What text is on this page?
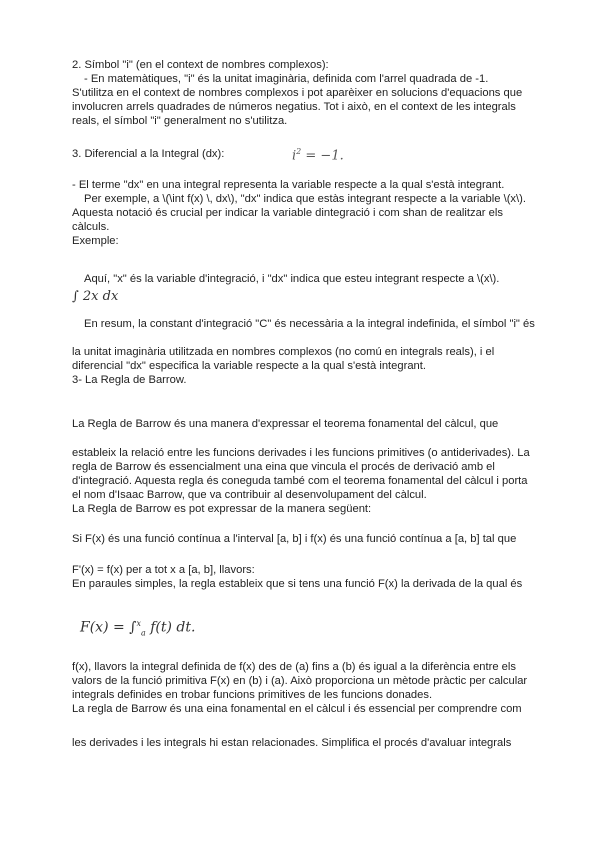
2. Símbol "i" (en el context de nombres complexos):
- En matemàtiques, "i" és la unitat imaginària, definida com l'arrel quadrada de -1.
S'utilitza en el context de nombres complexos i pot aparèixer en solucions d'equacions que
involucren arrels quadrades de números negatius. Tot i això, en el context de les integrals
reals, el símbol "i" generalment no s'utilitza.
3. Diferencial a la Integral (dx):	$i^2 = -1$.
- El terme "dx" en una integral representa la variable respecte a la qual s'està integrant.
Per exemple, a \(\int f(x) \, dx\), "dx" indica que estàs integrant respecte a la variable \(x\).
Aquesta notació és crucial per indicar la variable dintegració i com shan de realitzar els
càlculs.
Exemple:
Aquí, "x" és la variable d'integració, i "dx" indica que esteu integrant respecte a \(x\).
∫ 2x dx
En resum, la constant d'integració "C" és necessària a la integral indefinida, el símbol "i" és
la unitat imaginària utilitzada en nombres complexos (no comú en integrals reals), i el
diferencial "dx" especifica la variable respecte a la qual s'està integrant.
3- La Regla de Barrow.
La Regla de Barrow és una manera d'expressar el teorema fonamental del càlcul, que
estableix la relació entre les funcions derivades i les funcions primitives (o antiderivades). La
regla de Barrow és essencialment una eina que vincula el procés de derivació amb el
d'integració. Aquesta regla és coneguda també com el teorema fonamental del càlcul i porta
el nom d'Isaac Barrow, que va contribuir al desenvolupament del càlcul.
La Regla de Barrow es pot expressar de la manera següent:
Si F(x) és una funció contínua a l'interval [a, b] i f(x) és una funció contínua a [a, b] tal que
F'(x) = f(x) per a tot x a [a, b], llavors:
En paraules simples, la regla estableix que si tens una funció F(x) la derivada de la qual és
F(x) = ∫$^x_a$ f(t) dt.
f(x), llavors la integral definida de f(x) des de (a) fins a (b) és igual a la diferència entre els
valors de la funció primitiva F(x) en (b) i (a). Això proporciona un mètode pràctic per calcular
integrals definides en trobar funcions primitives de les funcions donades.
La regla de Barrow és una eina fonamental en el càlcul i és essencial per comprendre com
les derivades i les integrals hi estan relacionades. Simplifica el procés d'avaluar integrals
